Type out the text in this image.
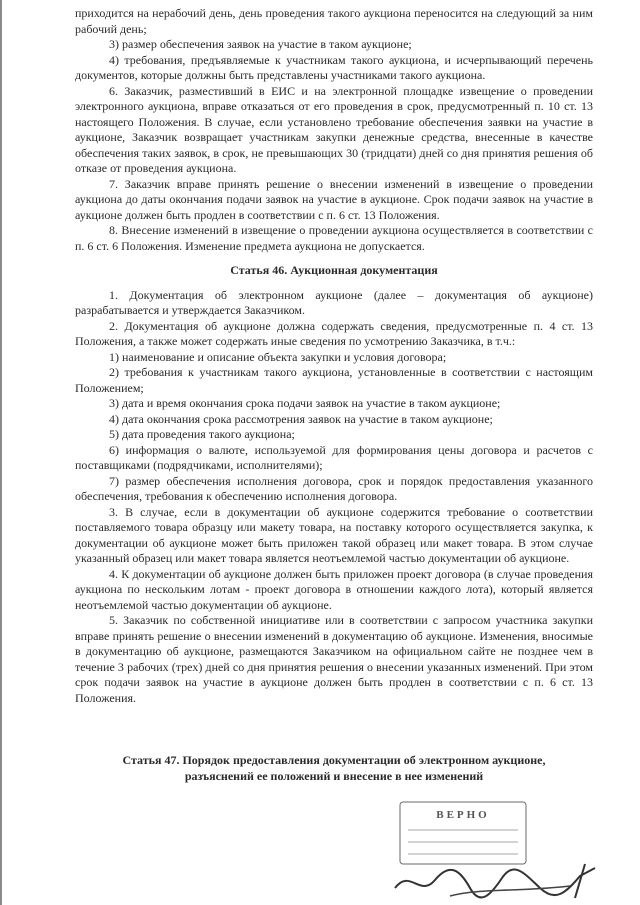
приходится на нерабочий день, день проведения такого аукциона переносится на следующий за ним рабочий день;

3) размер обеспечения заявок на участие в таком аукционе;

4) требования, предъявляемые к участникам такого аукциона, и исчерпывающий перечень документов, которые должны быть представлены участниками такого аукциона.

6. Заказчик, разместивший в ЕИС и на электронной площадке извещение о проведении электронного аукциона, вправе отказаться от его проведения в срок, предусмотренный п. 10 ст. 13 настоящего Положения. В случае, если установлено требование обеспечения заявки на участие в аукционе, Заказчик возвращает участникам закупки денежные средства, внесенные в качестве обеспечения таких заявок, в срок, не превышающих 30 (тридцати) дней со дня принятия решения об отказе от проведения аукциона.

7. Заказчик вправе принять решение о внесении изменений в извещение о проведении аукциона до даты окончания подачи заявок на участие в аукционе. Срок подачи заявок на участие в аукционе должен быть продлен в соответствии с п. 6 ст. 13 Положения.

8. Внесение изменений в извещение о проведении аукциона осуществляется в соответствии с п. 6 ст. 6 Положения. Изменение предмета аукциона не допускается.

Статья 46. Аукционная документация

1. Документация об электронном аукционе (далее – документация об аукционе) разрабатывается и утверждается Заказчиком.

2. Документация об аукционе должна содержать сведения, предусмотренные п. 4 ст. 13 Положения, а также может содержать иные сведения по усмотрению Заказчика, в т.ч.:

1) наименование и описание объекта закупки и условия договора;

2) требования к участникам такого аукциона, установленные в соответствии с настоящим Положением;

3) дата и время окончания срока подачи заявок на участие в таком аукционе;

4) дата окончания срока рассмотрения заявок на участие в таком аукционе;

5) дата проведения такого аукциона;

6) информация о валюте, используемой для формирования цены договора и расчетов с поставщиками (подрядчиками, исполнителями);

7) размер обеспечения исполнения договора, срок и порядок предоставления указанного обеспечения, требования к обеспечению исполнения договора.

3. В случае, если в документации об аукционе содержится требование о соответствии поставляемого товара образцу или макету товара, на поставку которого осуществляется закупка, к документации об аукционе может быть приложен такой образец или макет товара. В этом случае указанный образец или макет товара является неотъемлемой частью документации об аукционе.

4. К документации об аукционе должен быть приложен проект договора (в случае проведения аукциона по нескольким лотам - проект договора в отношении каждого лота), который является неотъемлемой частью документации об аукционе.

5. Заказчик по собственной инициативе или в соответствии с запросом участника закупки вправе принять решение о внесении изменений в документацию об аукционе. Изменения, вносимые в документацию об аукционе, размещаются Заказчиком на официальном сайте не позднее чем в течение 3 рабочих (трех) дней со дня принятия решения о внесении указанных изменений. При этом срок подачи заявок на участие в аукционе должен быть продлен в соответствии с п. 6 ст. 13 Положения.

Статья 47. Порядок предоставления документации об электронном аукционе,

разъяснений ее положений и внесение в нее изменений

ВЕРНО
